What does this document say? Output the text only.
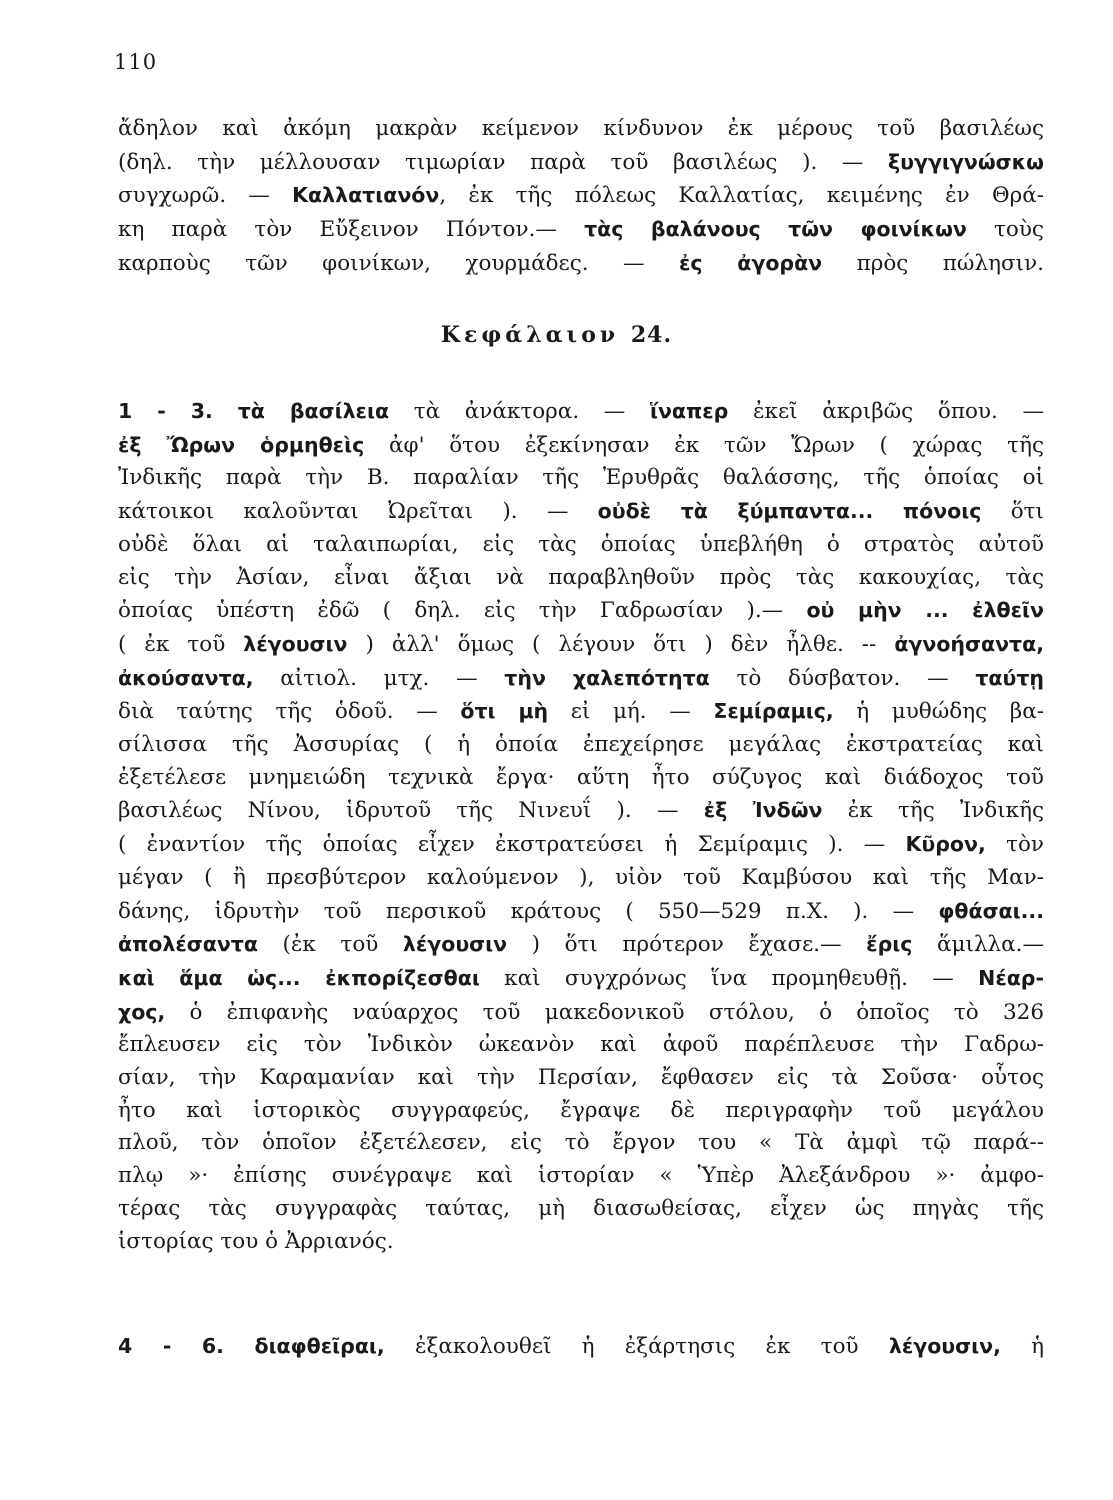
110
ἄδηλον καὶ ἀκόμη μακρὰν κείμενον κίνδυνον ἐκ μέρους τοῦ βασιλέως
(δηλ. τὴν μέλλουσαν τιμωρίαν παρὰ τοῦ βασιλέως ). — ξυγγιγνώσκω
συγχωρῶ. — Καλλατιανόν, ἐκ τῆς πόλεως Καλλατίας, κειμένης ἐν Θρά-
κη παρὰ τὸν Εὔξεινον Πόντον.— τὰς βαλάνους τῶν φοινίκων τοὺς
καρποὺς τῶν φοινίκων, χουρμάδες. — ἐς ἀγορὰν πρὸς πώλησιν.
Κεφάλαιον 24.
1 - 3. τὰ βασίλεια τὰ ἀνάκτορα. — ἵναπερ ἐκεῖ ἀκριβῶς ὅπου. —
ἐξ Ὤρων ὁρμηθεὶς ἀφ' ὅτου ἐξεκίνησαν ἐκ τῶν Ὤρων ( χώρας τῆς
Ἰνδικῆς παρὰ τὴν Β. παραλίαν τῆς Ἐρυθρᾶς θαλάσσης, τῆς ὁποίας οἱ
κάτοικοι καλοῦνται Ὠρεῖται ). — οὐδὲ τὰ ξύμπαντα... πόνοις ὅτι
οὐδὲ ὅλαι αἱ ταλαιπωρίαι, εἰς τὰς ὁποίας ὑπεβλήθη ὁ στρατὸς αὐτοῦ
εἰς τὴν Ἀσίαν, εἶναι ἄξιαι νὰ παραβληθοῦν πρὸς τὰς κακουχίας, τὰς
ὁποίας ὑπέστη ἐδῶ ( δηλ. εἰς τὴν Γαδρωσίαν ).— οὐ μὴν ... ἐλθεῖν
( ἐκ τοῦ λέγουσιν ) ἀλλ' ὅμως ( λέγουν ὅτι ) δὲν ἦλθε. -- ἀγνοήσαντα,
ἀκούσαντα, αἰτιολ. μτχ. — τὴν χαλεπότητα τὸ δύσβατον. — ταύτῃ
διὰ ταύτης τῆς ὁδοῦ. — ὅτι μὴ εἰ μή. — Σεμίραμις, ἡ μυθώδης βα-
σίλισσα τῆς Ἀσσυρίας ( ἡ ὁποία ἐπεχείρησε μεγάλας ἐκστρατείας καὶ
ἐξετέλεσε μνημειώδη τεχνικὰ ἔργα· αὕτη ἦτο σύζυγος καὶ διάδοχος τοῦ
βασιλέως Νίνου, ἱδρυτοῦ τῆς Νινευΐ ). — ἐξ Ἰνδῶν ἐκ τῆς Ἰνδικῆς
( ἐναντίον τῆς ὁποίας εἶχεν ἐκστρατεύσει ἡ Σεμίραμις ). — Κῦρον, τὸν
μέγαν ( ἢ πρεσβύτερον καλούμενον ), υἱὸν τοῦ Καμβύσου καὶ τῆς Μαν-
δάνης, ἱδρυτὴν τοῦ περσικοῦ κράτους ( 550—529 π.Χ. ). — φθάσαι...
ἀπολέσαντα (ἐκ τοῦ λέγουσιν ) ὅτι πρότερον ἔχασε.— ἔρις ἅμιλλα.—
καὶ ἅμα ὡς... ἐκπορίζεσθαι καὶ συγχρόνως ἵνα προμηθευθῇ. — Νέαρ-
χος, ὁ ἐπιφανὴς ναύαρχος τοῦ μακεδονικοῦ στόλου, ὁ ὁποῖος τὸ 326
ἔπλευσεν εἰς τὸν Ἰνδικὸν ὠκεανὸν καὶ ἀφοῦ παρέπλευσε τὴν Γαδρω-
σίαν, τὴν Καραμανίαν καὶ τὴν Περσίαν, ἔφθασεν εἰς τὰ Σοῦσα· οὗτος
ἦτο καὶ ἱστορικὸς συγγραφεύς, ἔγραψε δὲ περιγραφὴν τοῦ μεγάλου
πλοῦ, τὸν ὁποῖον ἐξετέλεσεν, εἰς τὸ ἔργον του « Τὰ ἀμφὶ τῷ παρά--
πλῳ »· ἐπίσης συνέγραψε καὶ ἱστορίαν « Ὑπὲρ Ἀλεξάνδρου »· ἀμφο-
τέρας τὰς συγγραφὰς ταύτας, μὴ διασωθείσας, εἶχεν ὡς πηγὰς τῆς
ἱστορίας του ὁ Ἀρριανός.
4 - 6. διαφθεῖραι, ἐξακολουθεῖ ἡ ἐξάρτησις ἐκ τοῦ λέγουσιν, ἡ
